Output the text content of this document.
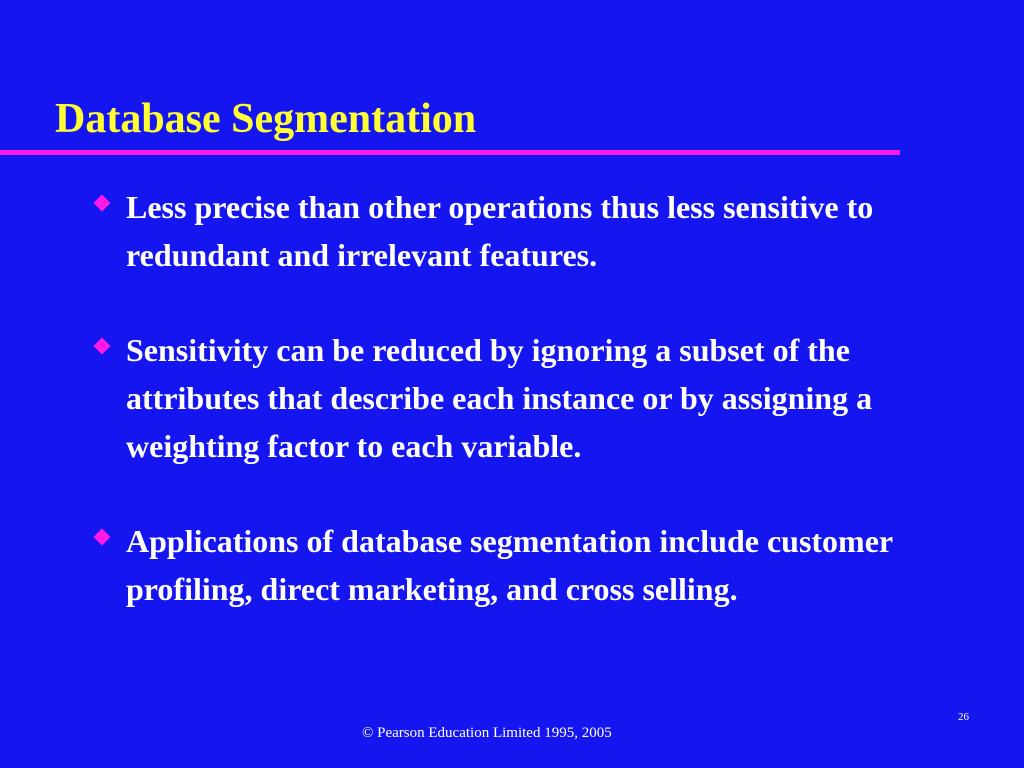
Database Segmentation
Less precise than other operations thus less sensitive to redundant and irrelevant features.
Sensitivity can be reduced by ignoring a subset of the attributes that describe each instance or by assigning a weighting factor to each variable.
Applications of database segmentation include customer profiling, direct marketing, and cross selling.
26
© Pearson Education Limited 1995, 2005
